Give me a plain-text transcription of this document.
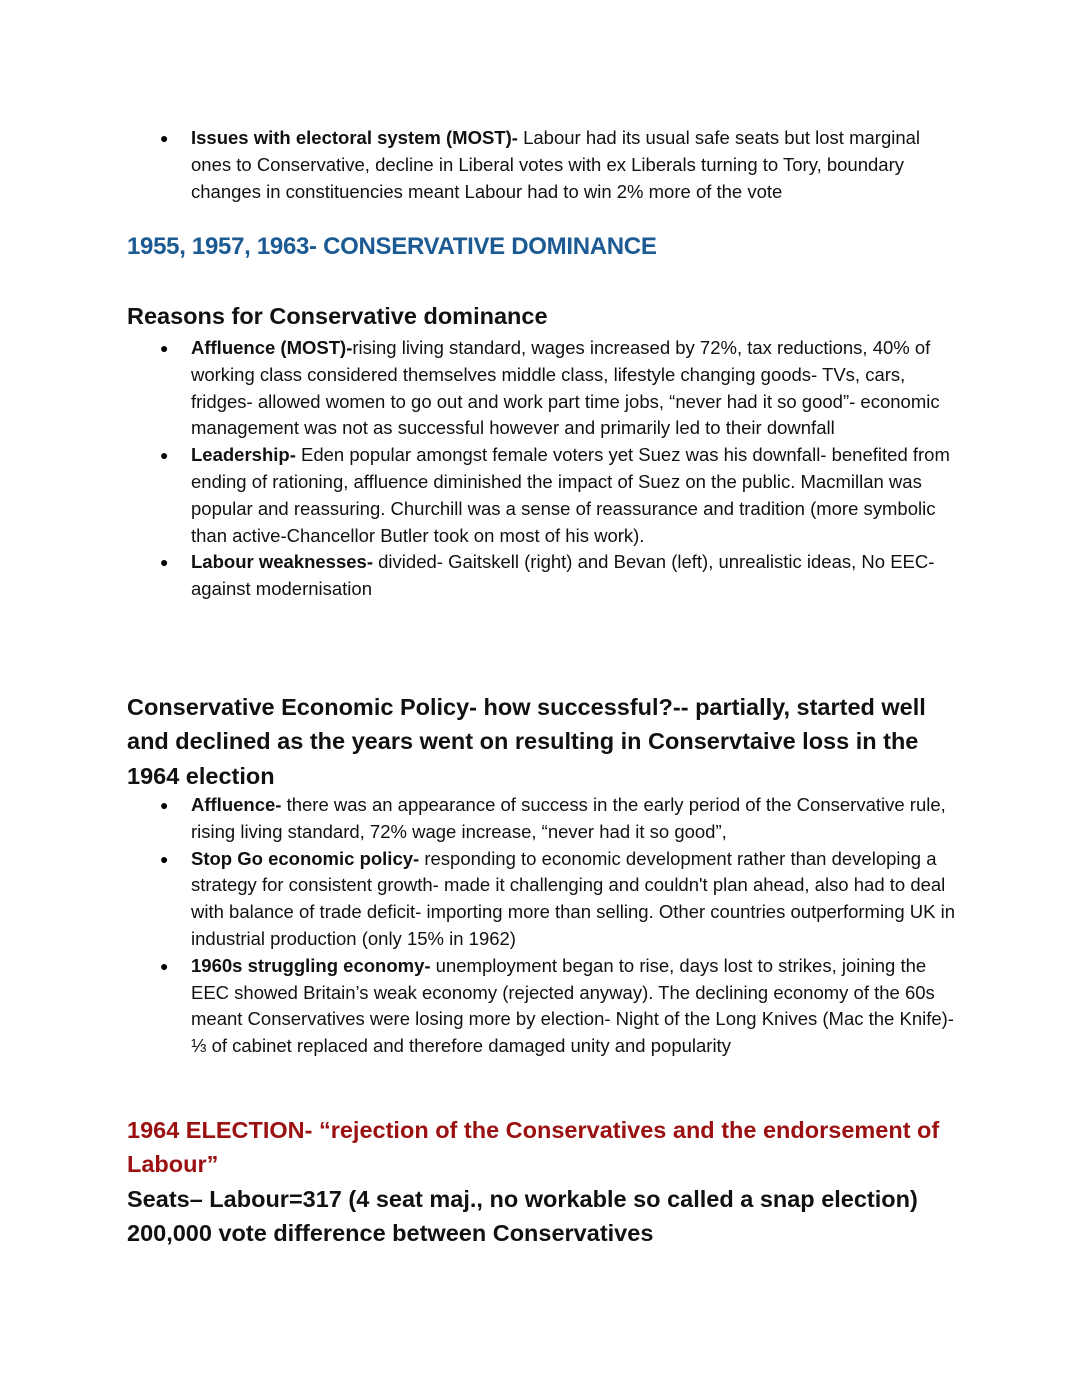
● Issues with electoral system (MOST)- Labour had its usual safe seats but lost marginal ones to Conservative, decline in Liberal votes with ex Liberals turning to Tory, boundary changes in constituencies meant Labour had to win 2% more of the vote
1955, 1957, 1963- CONSERVATIVE DOMINANCE
Reasons for Conservative dominance
● Affluence (MOST)-rising living standard, wages increased by 72%, tax reductions, 40% of working class considered themselves middle class, lifestyle changing goods- TVs, cars, fridges- allowed women to go out and work part time jobs, “never had it so good”- economic management was not as successful however and primarily led to their downfall
● Leadership- Eden popular amongst female voters yet Suez was his downfall- benefited from ending of rationing, affluence diminished the impact of Suez on the public. Macmillan was popular and reassuring. Churchill was a sense of reassurance and tradition (more symbolic than active-Chancellor Butler took on most of his work).
● Labour weaknesses- divided- Gaitskell (right) and Bevan (left), unrealistic ideas, No EEC- against modernisation
Conservative Economic Policy- how successful?-- partially, started well and declined as the years went on resulting in Conservtaive loss in the 1964 election
● Affluence- there was an appearance of success in the early period of the Conservative rule, rising living standard, 72% wage increase, “never had it so good”,
● Stop Go economic policy- responding to economic development rather than developing a strategy for consistent growth- made it challenging and couldn't plan ahead, also had to deal with balance of trade deficit- importing more than selling. Other countries outperforming UK in industrial production (only 15% in 1962)
● 1960s struggling economy- unemployment began to rise, days lost to strikes, joining the EEC showed Britain’s weak economy (rejected anyway). The declining economy of the 60s meant Conservatives were losing more by election- Night of the Long Knives (Mac the Knife)- ⅓ of cabinet replaced and therefore damaged unity and popularity
1964 ELECTION- “rejection of the Conservatives and the endorsement of Labour”
Seats– Labour=317 (4 seat maj., no workable so called a snap election)
200,000 vote difference between Conservatives
